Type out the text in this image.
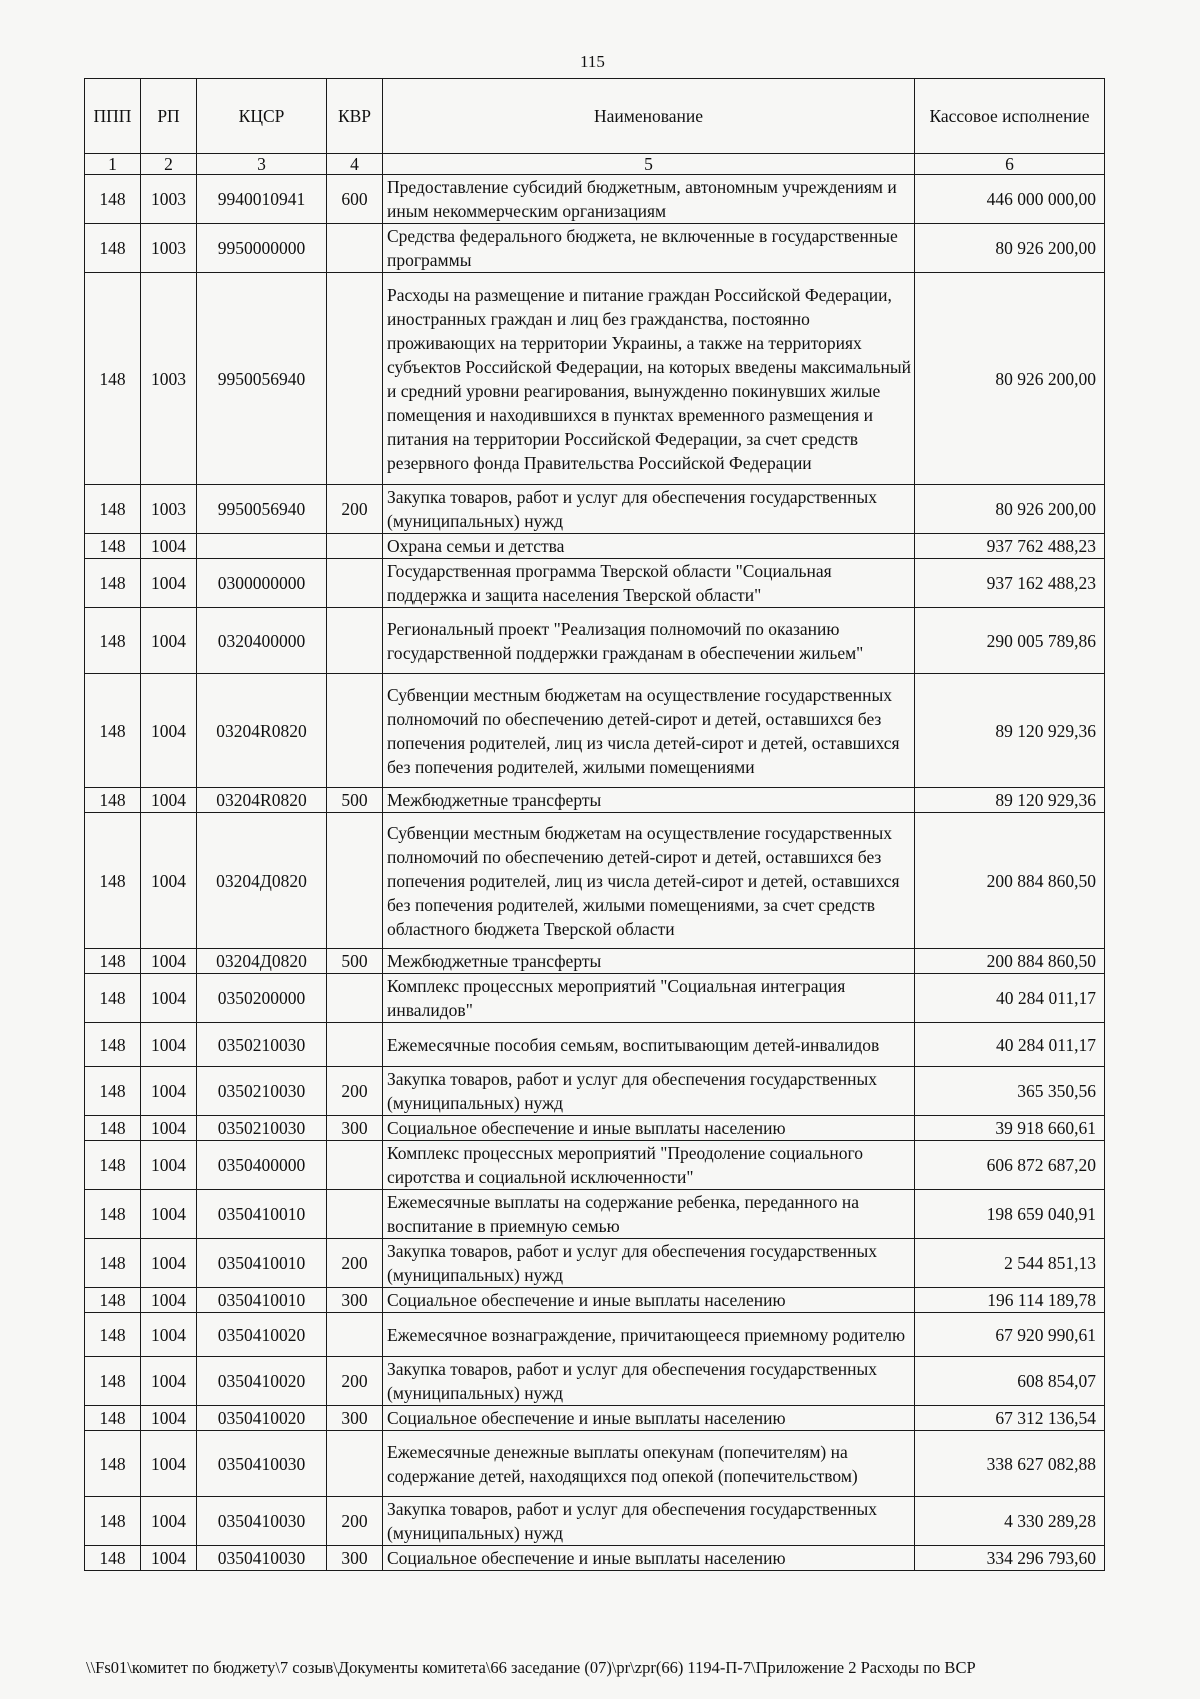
115
ППП	РП	КЦСР	КВР	Наименование	Кассовое исполнение
1	2	3	4	5	6
148	1003	9940010941	600	Предоставление субсидий бюджетным, автономным учреждениям и иным некоммерческим организациям	446 000 000,00
148	1003	9950000000		Средства федерального бюджета, не включенные в государственные программы	80 926 200,00
148	1003	9950056940		Расходы на размещение и питание граждан Российской Федерации, иностранных граждан и лиц без гражданства, постоянно проживающих на территории Украины, а также на территориях субъектов Российской Федерации, на которых введены максимальный и средний уровни реагирования, вынужденно покинувших жилые помещения и находившихся в пунктах временного размещения и питания на территории Российской Федерации, за счет средств резервного фонда Правительства Российской Федерации	80 926 200,00
148	1003	9950056940	200	Закупка товаров, работ и услуг для обеспечения государственных (муниципальных) нужд	80 926 200,00
148	1004			Охрана семьи и детства	937 762 488,23
148	1004	0300000000		Государственная программа Тверской области "Социальная поддержка и защита населения Тверской области"	937 162 488,23
148	1004	0320400000		Региональный проект "Реализация полномочий по оказанию государственной поддержки гражданам в обеспечении жильем"	290 005 789,86
148	1004	03204R0820		Субвенции местным бюджетам на осуществление государственных полномочий по обеспечению детей-сирот и детей, оставшихся без попечения родителей, лиц из числа детей-сирот и детей, оставшихся без попечения родителей, жилыми помещениями	89 120 929,36
148	1004	03204R0820	500	Межбюджетные трансферты	89 120 929,36
148	1004	03204Д0820		Субвенции местным бюджетам на осуществление государственных полномочий по обеспечению детей-сирот и детей, оставшихся без попечения родителей, лиц из числа детей-сирот и детей, оставшихся без попечения родителей, жилыми помещениями, за счет средств областного бюджета Тверской области	200 884 860,50
148	1004	03204Д0820	500	Межбюджетные трансферты	200 884 860,50
148	1004	0350200000		Комплекс процессных мероприятий "Социальная интеграция инвалидов"	40 284 011,17
148	1004	0350210030		Ежемесячные пособия семьям, воспитывающим детей-инвалидов	40 284 011,17
148	1004	0350210030	200	Закупка товаров, работ и услуг для обеспечения государственных (муниципальных) нужд	365 350,56
148	1004	0350210030	300	Социальное обеспечение и иные выплаты населению	39 918 660,61
148	1004	0350400000		Комплекс процессных мероприятий "Преодоление социального сиротства и социальной исключенности"	606 872 687,20
148	1004	0350410010		Ежемесячные выплаты на содержание ребенка, переданного на воспитание в приемную семью	198 659 040,91
148	1004	0350410010	200	Закупка товаров, работ и услуг для обеспечения государственных (муниципальных) нужд	2 544 851,13
148	1004	0350410010	300	Социальное обеспечение и иные выплаты населению	196 114 189,78
148	1004	0350410020		Ежемесячное вознаграждение, причитающееся приемному родителю	67 920 990,61
148	1004	0350410020	200	Закупка товаров, работ и услуг для обеспечения государственных (муниципальных) нужд	608 854,07
148	1004	0350410020	300	Социальное обеспечение и иные выплаты населению	67 312 136,54
148	1004	0350410030		Ежемесячные денежные выплаты опекунам (попечителям) на содержание детей, находящихся под опекой (попечительством)	338 627 082,88
148	1004	0350410030	200	Закупка товаров, работ и услуг для обеспечения государственных (муниципальных) нужд	4 330 289,28
148	1004	0350410030	300	Социальное обеспечение и иные выплаты населению	334 296 793,60
\\Fs01\комитет по бюджету\7 созыв\Документы комитета\66 заседание (07)\pr\zpr(66) 1194-П-7\Приложение 2 Расходы по ВСР
